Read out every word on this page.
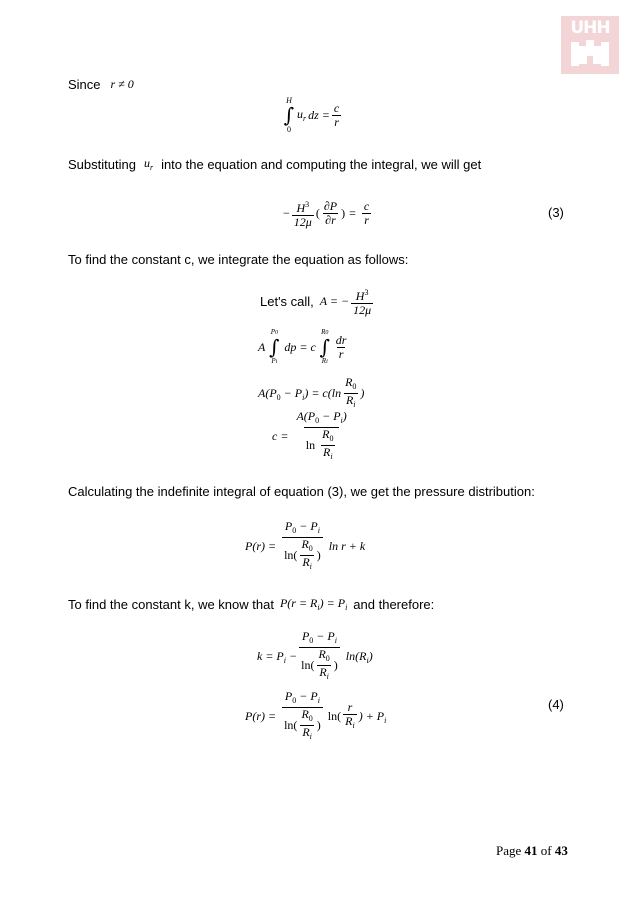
UHH
Since r ≠ 0
H
∫
0
$u_r$ dz = $\frac{c}{r}$
Substituting $u_r$ into the equation and computing the integral, we will get
− $\frac{H^3}{12\mu}$ ( $\frac{\partial P}{\partial r}$ ) = $\frac{c}{r}$	(3)
To find the constant c, we integrate the equation as follows:
Let's call, A = − $\frac{H^3}{12\mu}$
A
P0
∫
Pi
dp = c
R0
∫
Ri
$\frac{dr}{r}$
$A(P_0 - P_i) = c(\ln \frac{R_0}{R_i}$ )
$c = \frac{A(P_0 - P_i)}{\ln \frac{R_0}{R_i}}$
Calculating the indefinite integral of equation (3), we get the pressure distribution:
$P(r) = \frac{P_0 - P_i}{\ln( \frac{R_0}{R_i} )}$ ln r + k
To find the constant k, we know that $P(r = R_i) = P_i$ and therefore:
$k = P_i - \frac{P_0 - P_i}{\ln( \frac{R_0}{R_i} )} \ln(R_i)$
$P(r) = \frac{P_0 - P_i}{\ln( \frac{R_0}{R_i} )} \ln( \frac{r}{R_i}$ ) + $P_i$
(4)
Page 41 of 43
